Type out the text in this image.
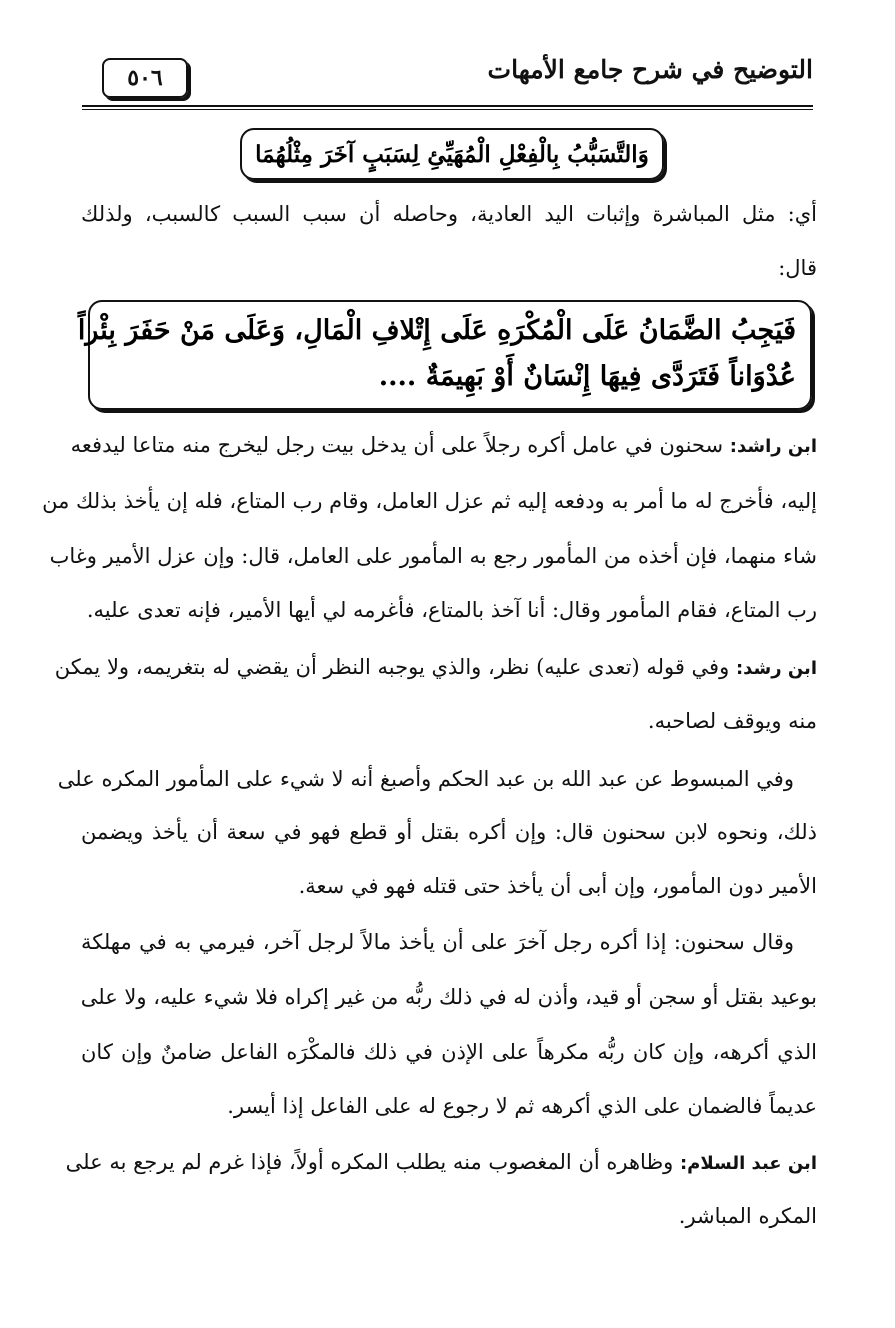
التوضيح في شرح جامع الأمهات
٥٠٦
وَالتَّسَبُّبُ بِالْفِعْلِ الْمُهَيِّئِ لِسَبَبٍ آخَرَ مِثْلُهُمَا
أي: مثل المباشرة وإثبات اليد العادية، وحاصله أن سبب السبب كالسبب، ولذلك
قال:
فَيَجِبُ الضَّمَانُ عَلَى الْمُكْرَهِ عَلَى إِتْلافِ الْمَالِ، وَعَلَى مَنْ حَفَرَ بِئْراً
عُدْوَاناً فَتَرَدَّى فِيهَا إِنْسَانٌ أَوْ بَهِيمَةٌ ....
ابن راشد: سحنون في عامل أكره رجلاً على أن يدخل بيت رجل ليخرج منه متاعا ليدفعه
إليه، فأخرج له ما أمر به ودفعه إليه ثم عزل العامل، وقام رب المتاع، فله إن يأخذ بذلك من
شاء منهما، فإن أخذه من المأمور رجع به المأمور على العامل، قال: وإن عزل الأمير وغاب
رب المتاع، فقام المأمور وقال: أنا آخذ بالمتاع، فأغرمه لي أيها الأمير، فإنه تعدى عليه.
ابن رشد: وفي قوله (تعدى عليه) نظر، والذي يوجبه النظر أن يقضي له بتغريمه، ولا يمكن
منه ويوقف لصاحبه.
وفي المبسوط عن عبد الله بن عبد الحكم وأصبغ أنه لا شيء على المأمور المكره على
ذلك، ونحوه لابن سحنون قال: وإن أكره بقتل أو قطع فهو في سعة أن يأخذ ويضمن
الأمير دون المأمور، وإن أبى أن يأخذ حتى قتله فهو في سعة.
وقال سحنون: إذا أكره رجل آخرَ على أن يأخذ مالاً لرجل آخر، فيرمي به في مهلكة
بوعيد بقتل أو سجن أو قيد، وأذن له في ذلك ربُّه من غير إكراه فلا شيء عليه، ولا على
الذي أكرهه، وإن كان ربُّه مكرهاً على الإذن في ذلك فالمكْرَه الفاعل ضامنٌ وإن كان
عديماً فالضمان على الذي أكرهه ثم لا رجوع له على الفاعل إذا أيسر.
ابن عبد السلام: وظاهره أن المغصوب منه يطلب المكره أولاً، فإذا غرم لم يرجع به على
المكره المباشر.
